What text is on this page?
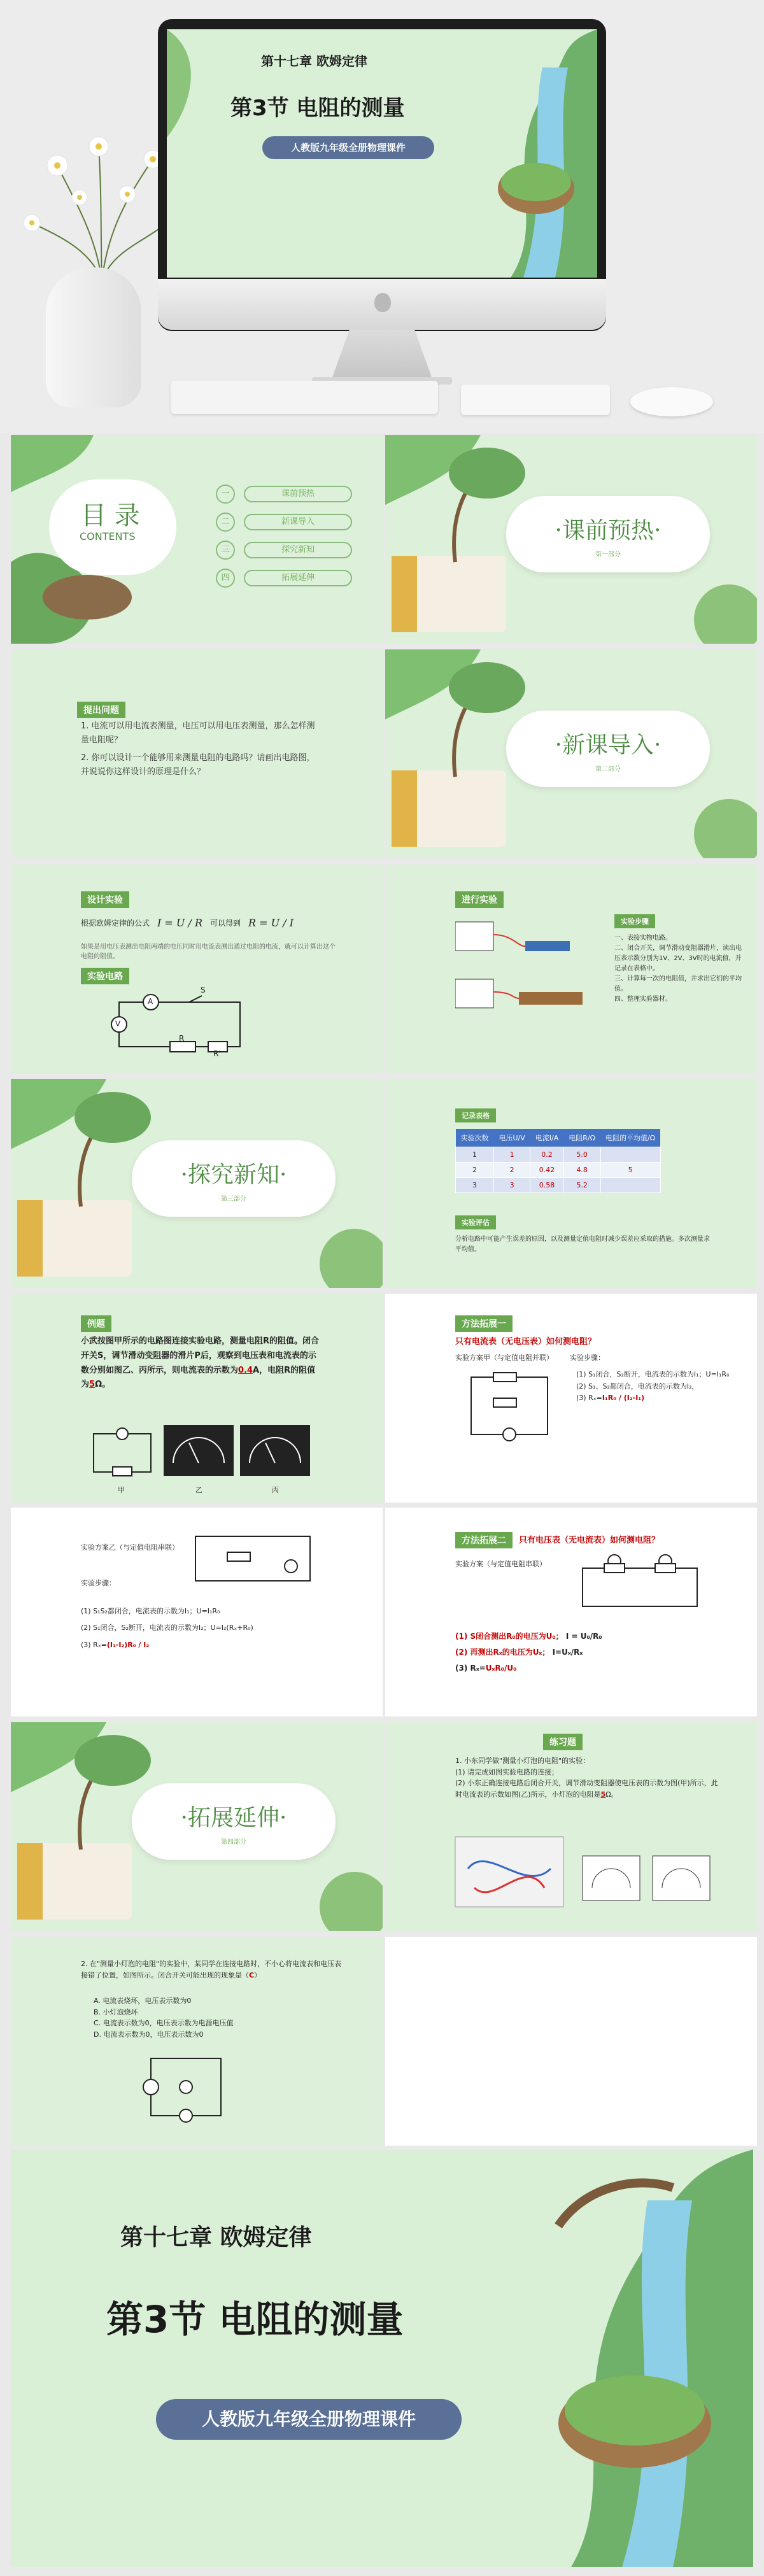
第十七章 欧姆定律
第3节 电阻的测量
人教版九年级全册物理课件
目 录
CONTENTS
一	课前预热
二	新课导入
三	探究新知
四	拓展延伸
·课前预热·
第一部分
提出问题
1. 电流可以用电流表测量，电压可以用电压表测量，那么怎样测量电阻呢？
2. 你可以设计一个能够用来测量电阻的电路吗？请画出电路图，并说说你这样设计的原理是什么？
·新课导入·
第二部分
设计实验
根据欧姆定律的公式 I = U / R 可以得到 R = U / I
如果是用电压表测出电阻两端的电压同时用电流表测出通过电阻的电流，就可以计算出这个电阻的阻值。
实验电路
V
A
S
R
R'
进行实验
实验步骤
一、表接实物电路。
二、闭合开关，调节滑动变阻器滑片，读出电压表示数分别为1V、2V、3V时的电流值，并记录在表格中。
三、计算每一次的电阻值，并求出它们的平均值。
四、整理实验器材。
·探究新知·
第三部分
记录表格
实验次数	电压U/V	电流I/A	电阻R/Ω	电阻的平均值/Ω
1	1	0.2	5.0	
2	2	0.42	4.8	5
3	3	0.58	5.2	
实验评估
分析电路中可能产生误差的原因，以及测量定值电阻时减少误差应采取的措施。多次测量求平均值。
例题
小武按图甲所示的电路图连接实验电路，测量电阻R的阻值。闭合开关S，调节滑动变阻器的滑片P后，观察到电压表和电流表的示数分别如图乙、丙所示，则电流表的示数为0.4A，电阻R的阻值为5Ω。
甲	乙	丙
方法拓展一
只有电流表（无电压表）如何测电阻？
实验方案甲（与定值电阻并联） 实验步骤：
(1) S₁闭合，S₂断开，电流表的示数为I₁；U=I₁R₀
(2) S₁、S₂都闭合，电流表的示数为I₂，
(3) Rₓ=I₁R₀ / (I₂-I₁)
实验方案乙（与定值电阻串联）
实验步骤：
(1) S₁S₂都闭合，电流表的示数为I₁；U=I₁R₀
(2) S₁闭合，S₂断开，电流表的示数为I₂；U=I₂(Rₓ+R₀)
(3) Rₓ=(I₁-I₂)R₀ / I₂
方法拓展二	只有电压表（无电流表）如何测电阻？
实验方案（与定值电阻串联）
(1) S闭合测出R₀的电压为U₀； I = U₀/R₀
(2) 再测出Rₓ的电压为Uₓ； I=Uₓ/Rₓ
(3) Rₓ=UₓR₀/U₀
·拓展延伸·
第四部分
练习题
1. 小东同学做"测量小灯泡的电阻"的实验：
(1) 请完成如图实验电路的连接；
(2) 小东正确连接电路后闭合开关，调节滑动变阻器使电压表的示数为图(甲)所示，此时电流表的示数如图(乙)所示，小灯泡的电阻是5Ω。
2. 在"测量小灯泡的电阻"的实验中，某同学在连接电路时，不小心将电流表和电压表接错了位置，如图所示。闭合开关可能出现的现象是（C）
A. 电流表烧坏，电压表示数为0
B. 小灯泡烧坏
C. 电流表示数为0，电压表示数为电源电压值
D. 电流表示数为0，电压表示数为0
第十七章 欧姆定律
第3节 电阻的测量
人教版九年级全册物理课件
